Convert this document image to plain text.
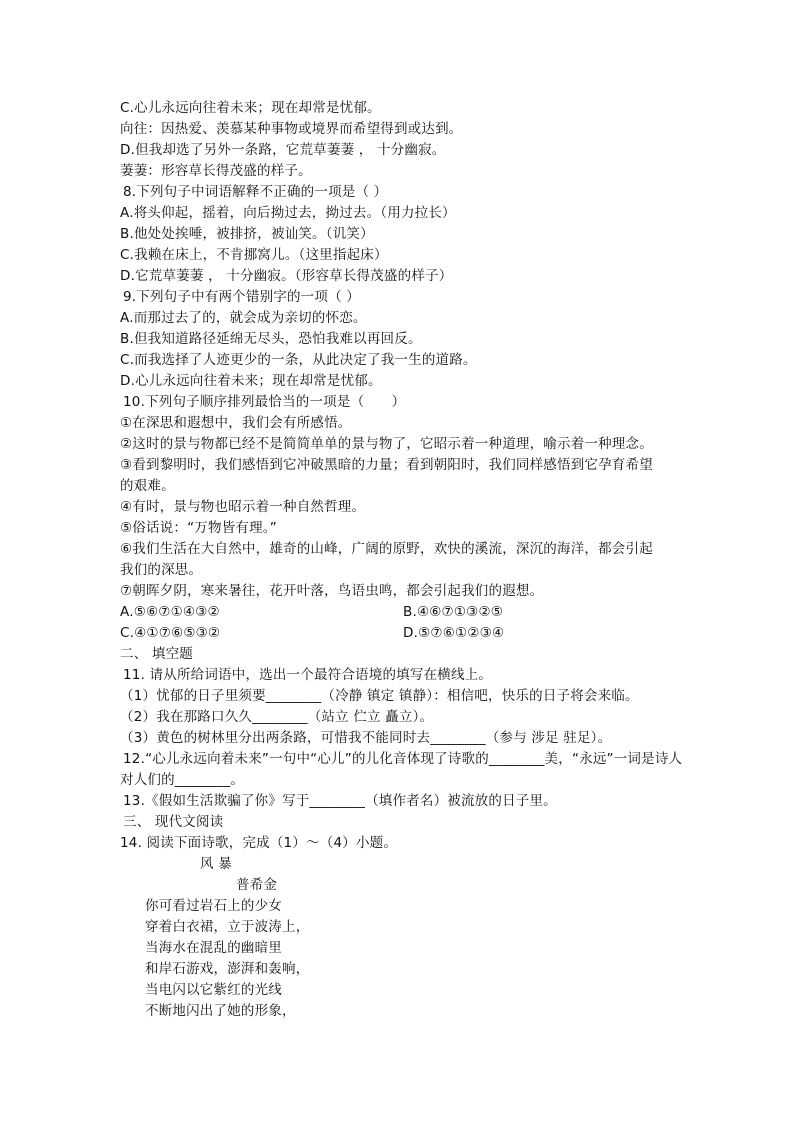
C.心儿永远向往着未来；现在却常是忧郁。
向往：因热爱、羡慕某种事物或境界而希望得到或达到。
D.但我却选了另外一条路，它荒草萋萋 ， 十分幽寂。
萋萋：形容草长得茂盛的样子。
8.下列句子中词语解释不正确的一项是（ ）
A.将头仰起，摇着，向后拗过去，拗过去。（用力拉长）
B.他处处挨唾，被排挤，被讪笑。（讥笑）
C.我赖在床上，不肯挪窝儿。（这里指起床）
D.它荒草萋萋 ， 十分幽寂。（形容草长得茂盛的样子）
9.下列句子中有两个错别字的一项（ ）
A.而那过去了的，就会成为亲切的怀恋。
B.但我知道路径延绵无尽头，恐怕我难以再回反。
C.而我选择了人迹更少的一条，从此决定了我一生的道路。
D.心儿永远向往着未来；现在却常是忧郁。
10.下列句子顺序排列最恰当的一项是（　　）
①在深思和遐想中，我们会有所感悟。
②这时的景与物都已经不是简简单单的景与物了，它昭示着一种道理，喻示着一种理念。
③看到黎明时，我们感悟到它冲破黑暗的力量；看到朝阳时，我们同样感悟到它孕育希望
的艰难。
④有时，景与物也昭示着一种自然哲理。
⑤俗话说：“万物皆有理。”
⑥我们生活在大自然中，雄奇的山峰，广阔的原野，欢快的溪流，深沉的海洋，都会引起
我们的深思。
⑦朝晖夕阴，寒来暑往，花开叶落，鸟语虫鸣，都会引起我们的遐想。
A.⑤⑥⑦①④③②	B.④⑥⑦①③②⑤
C.④①⑦⑥⑤③②	D.⑤⑦⑥①②③④
二、 填空题
11. 请从所给词语中，选出一个最符合语境的填写在横线上。
（1）忧郁的日子里须要________（冷静 镇定 镇静）：相信吧，快乐的日子将会来临。
（2）我在那路口久久________（站立 伫立 矗立）。
（3）黄色的树林里分出两条路，可惜我不能同时去________（参与 涉足 驻足）。
12.“心儿永远向着未来”一句中“心儿”的儿化音体现了诗歌的________美，“永远”一词是诗人
对人们的________。
13.《假如生活欺骗了你》写于________（填作者名）被流放的日子里。
三、 现代文阅读
14. 阅读下面诗歌，完成（1）～（4）小题。
风 暴
普希金
你可看过岩石上的少女
穿着白衣裙，立于波涛上，
当海水在混乱的幽暗里
和岸石游戏，澎湃和轰响，
当电闪以它紫红的光线
不断地闪出了她的形象，
